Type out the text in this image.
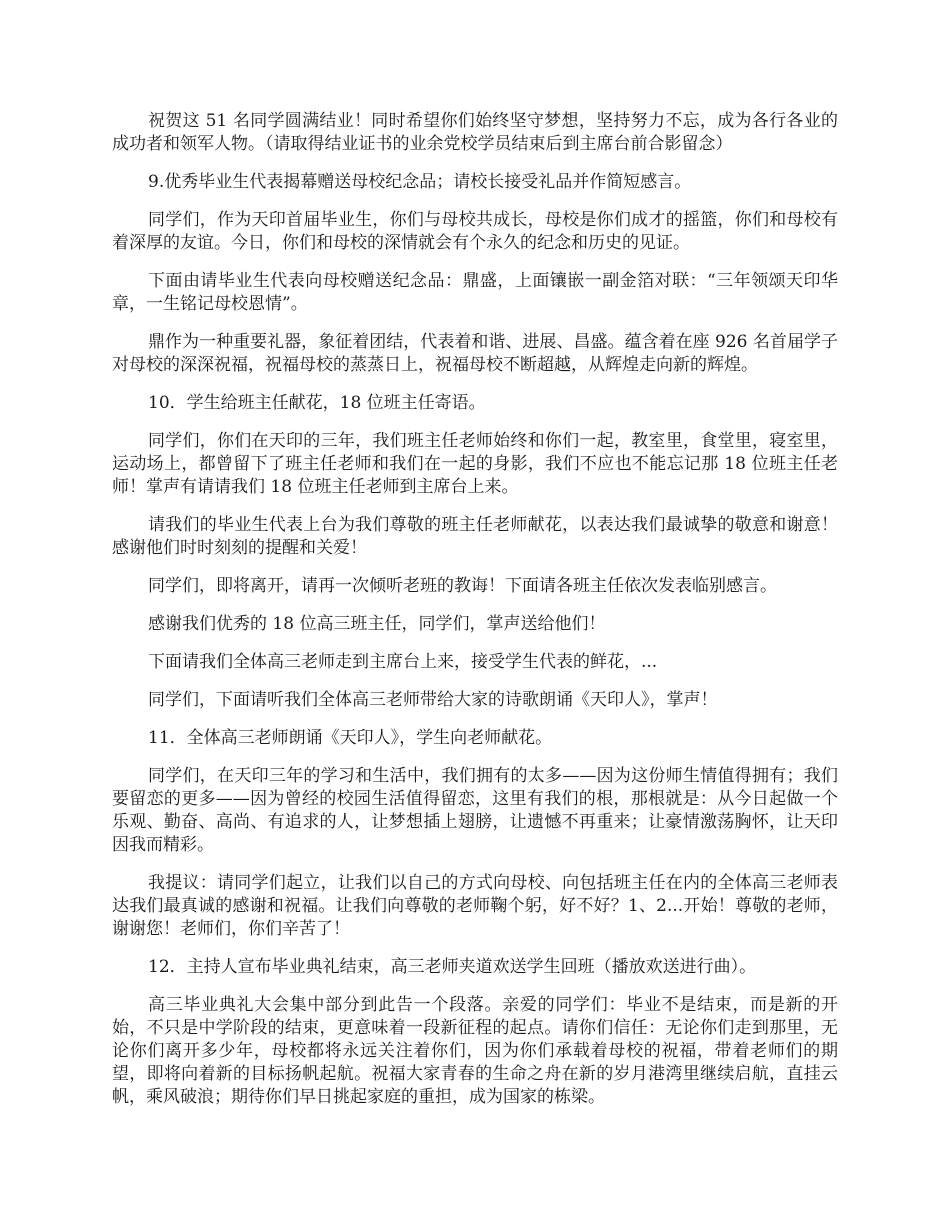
祝贺这 51 名同学圆满结业！同时希望你们始终坚守梦想，坚持努力不忘，成为各行各业的成功者和领军人物。（请取得结业证书的业余党校学员结束后到主席台前合影留念）

9.优秀毕业生代表揭幕赠送母校纪念品；请校长接受礼品并作简短感言。

同学们，作为天印首届毕业生，你们与母校共成长，母校是你们成才的摇篮，你们和母校有着深厚的友谊。今日，你们和母校的深情就会有个永久的纪念和历史的见证。

下面由请毕业生代表向母校赠送纪念品：鼎盛，上面镶嵌一副金箔对联：“三年领颂天印华章，一生铭记母校恩情”。

鼎作为一种重要礼器，象征着团结，代表着和谐、进展、昌盛。蕴含着在座 926 名首届学子对母校的深深祝福，祝福母校的蒸蒸日上，祝福母校不断超越，从辉煌走向新的辉煌。

10．学生给班主任献花，18 位班主任寄语。

同学们，你们在天印的三年，我们班主任老师始终和你们一起，教室里，食堂里，寝室里，运动场上，都曾留下了班主任老师和我们在一起的身影，我们不应也不能忘记那 18 位班主任老师！掌声有请请我们 18 位班主任老师到主席台上来。

请我们的毕业生代表上台为我们尊敬的班主任老师献花，以表达我们最诚挚的敬意和谢意！感谢他们时时刻刻的提醒和关爱！

同学们，即将离开，请再一次倾听老班的教诲！下面请各班主任依次发表临别感言。

感谢我们优秀的 18 位高三班主任，同学们，掌声送给他们！

下面请我们全体高三老师走到主席台上来，接受学生代表的鲜花，...

同学们，下面请听我们全体高三老师带给大家的诗歌朗诵《天印人》，掌声！

11．全体高三老师朗诵《天印人》，学生向老师献花。

同学们，在天印三年的学习和生活中，我们拥有的太多——因为这份师生情值得拥有；我们要留恋的更多——因为曾经的校园生活值得留恋，这里有我们的根，那根就是：从今日起做一个乐观、勤奋、高尚、有追求的人，让梦想插上翅膀，让遗憾不再重来；让豪情激荡胸怀，让天印因我而精彩。

我提议：请同学们起立，让我们以自己的方式向母校、向包括班主任在内的全体高三老师表达我们最真诚的感谢和祝福。让我们向尊敬的老师鞠个躬，好不好？1、2...开始！尊敬的老师，谢谢您！老师们，你们辛苦了！

12．主持人宣布毕业典礼结束，高三老师夹道欢送学生回班（播放欢送进行曲）。

高三毕业典礼大会集中部分到此告一个段落。亲爱的同学们：毕业不是结束，而是新的开始，不只是中学阶段的结束，更意味着一段新征程的起点。请你们信任：无论你们走到那里，无论你们离开多少年，母校都将永远关注着你们，因为你们承载着母校的祝福，带着老师们的期望，即将向着新的目标扬帆起航。祝福大家青春的生命之舟在新的岁月港湾里继续启航，直挂云帆，乘风破浪；期待你们早日挑起家庭的重担，成为国家的栋梁。
